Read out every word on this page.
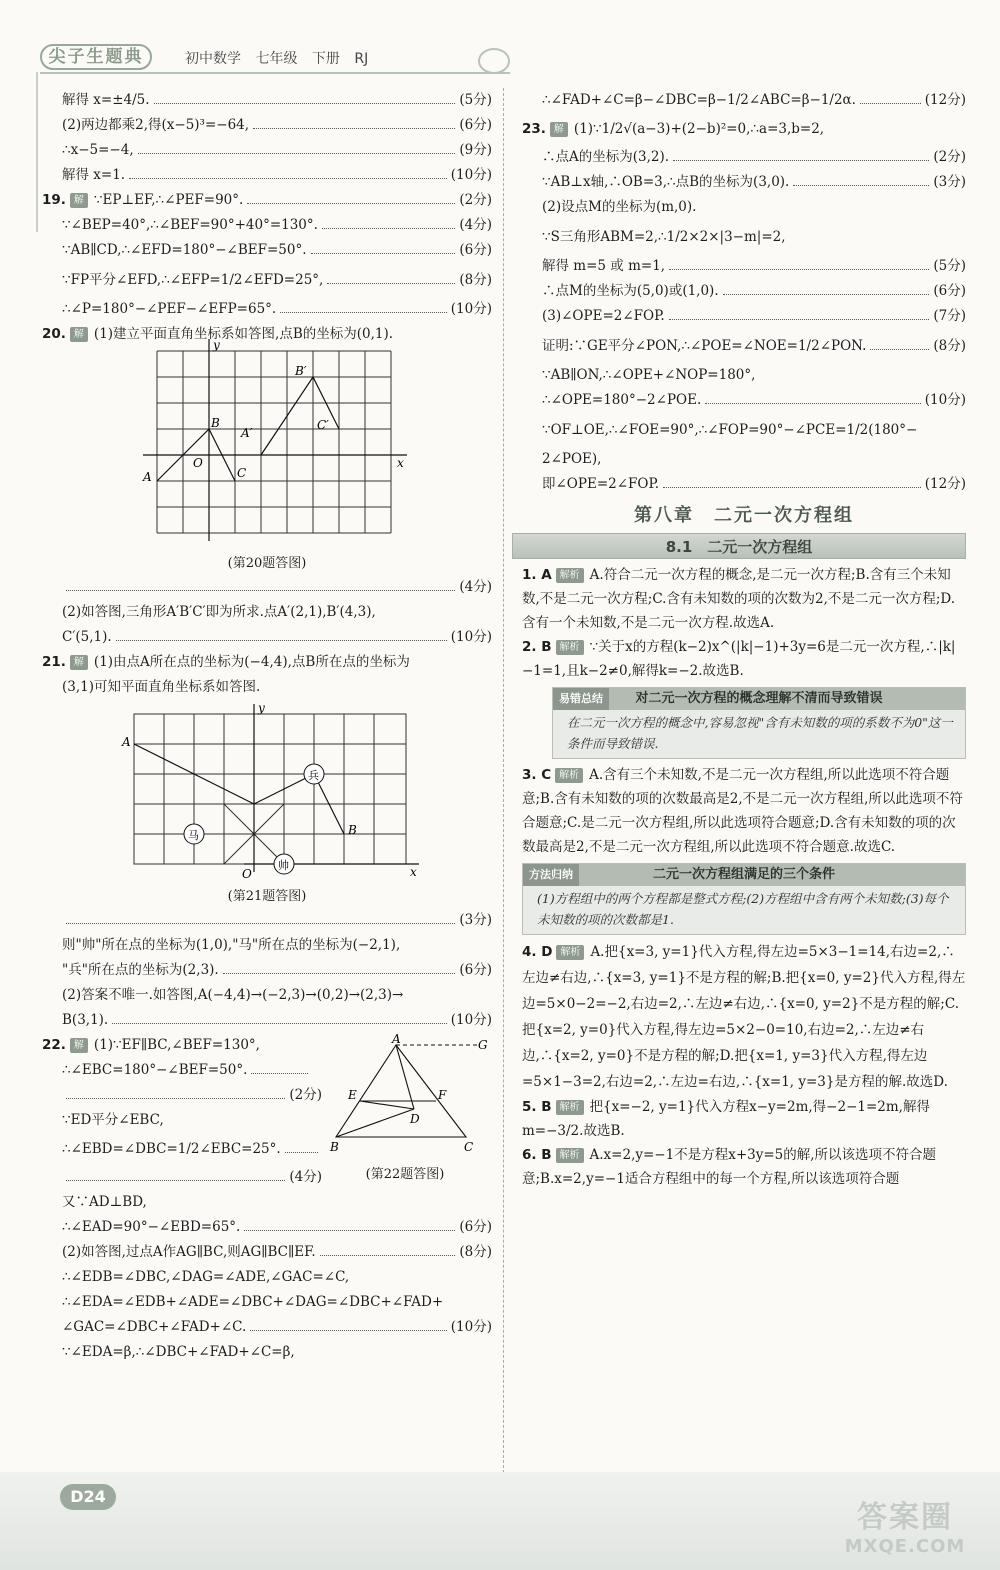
尖子生题典	初中数学 七年级 下册 RJ
解得 x=±4/5.	(5分)
(2)两边都乘2,得(x−5)³=−64,	(6分)
∴x−5=−4,	(9分)
解得 x=1.	(10分)
19. 解 ∵EP⊥EF,∴∠PEF=90°.	(2分)
∵∠BEP=40°,∴∠BEF=90°+40°=130°.	(4分)
∵AB∥CD,∴∠EFD=180°−∠BEF=50°.	(6分)
∵FP平分∠EFD,∴∠EFP=1/2∠EFD=25°,	(8分)
∴∠P=180°−∠PEF−∠EFP=65°.	(10分)
20. 解 (1)建立平面直角坐标系如答图,点B的坐标为(0,1).
A
O
B
C
A′
B′
C′
x
y
(第20题答图)
(4分)
(2)如答图,三角形A′B′C′即为所求.点A′(2,1),B′(4,3),
C′(5,1).	(10分)
21. 解 (1)由点A所在点的坐标为(−4,4),点B所在点的坐标为
(3,1)可知平面直角坐标系如答图.
兵
马
帅
A
B
O	x
y
(第21题答图)
(3分)
则"帅"所在点的坐标为(1,0),"马"所在点的坐标为(−2,1),
"兵"所在点的坐标为(2,3).	(6分)
(2)答案不唯一.如答图,A(−4,4)→(−2,3)→(0,2)→(2,3)→
B(3,1).	(10分)
A	G
E	F
D
B	C
(第22题答图)
22. 解 (1)∵EF∥BC,∠BEF=130°,
∴∠EBC=180°−∠BEF=50°.
(2分)
∵ED平分∠EBC,
∴∠EBD=∠DBC=1/2∠EBC=25°.
(4分)
又∵AD⊥BD,
∴∠EAD=90°−∠EBD=65°.	(6分)
(2)如答图,过点A作AG∥BC,则AG∥BC∥EF.	(8分)
∴∠EDB=∠DBC,∠DAG=∠ADE,∠GAC=∠C,
∴∠EDA=∠EDB+∠ADE=∠DBC+∠DAG=∠DBC+∠FAD+
∠GAC=∠DBC+∠FAD+∠C.	(10分)
∵∠EDA=β,∴∠DBC+∠FAD+∠C=β,
∴∠FAD+∠C=β−∠DBC=β−1/2∠ABC=β−1/2α.	(12分)
23. 解 (1)∵1/2√(a−3)+(2−b)²=0,∴a=3,b=2,
∴点A的坐标为(3,2).	(2分)
∵AB⊥x轴,∴OB=3,∴点B的坐标为(3,0).	(3分)
(2)设点M的坐标为(m,0).
∵S三角形ABM=2,∴1/2×2×|3−m|=2,
解得 m=5 或 m=1,	(5分)
∴点M的坐标为(5,0)或(1,0).	(6分)
(3)∠OPE=2∠FOP.	(7分)
证明:∵GE平分∠PON,∴∠POE=∠NOE=1/2∠PON.	(8分)
∵AB∥ON,∴∠OPE+∠NOP=180°,
∴∠OPE=180°−2∠POE.	(10分)
∵OF⊥OE,∴∠FOE=90°,∴∠FOP=90°−∠PCE=1/2(180°−
2∠POE),
即∠OPE=2∠FOP.	(12分)
第八章　二元一次方程组
8.1　二元一次方程组
1. A 解析 A.符合二元一次方程的概念,是二元一次方程;B.含有三个未知数,不是二元一次方程;C.含有未知数的项的次数为2,不是二元一次方程;D.含有一个未知数,不是二元一次方程.故选A.
2. B 解析 ∵关于x的方程(k−2)x^(|k|−1)+3y=6是二元一次方程,∴|k|−1=1,且k−2≠0,解得k=−2.故选B.
易错总结	对二元一次方程的概念理解不清而导致错误
在二元一次方程的概念中,容易忽视"含有未知数的项的系数不为0"这一条件而导致错误.
3. C 解析 A.含有三个未知数,不是二元一次方程组,所以此选项不符合题意;B.含有未知数的项的次数最高是2,不是二元一次方程组,所以此选项不符合题意;C.是二元一次方程组,所以此选项符合题意;D.含有未知数的项的次数最高是2,不是二元一次方程组,所以此选项不符合题意.故选C.
方法归纳	二元一次方程组满足的三个条件
(1)方程组中的两个方程都是整式方程;(2)方程组中含有两个未知数;(3)每个未知数的项的次数都是1.
4. D 解析 A.把{x=3, y=1}代入方程,得左边=5×3−1=14,右边=2,∴左边≠右边,∴{x=3, y=1}不是方程的解;B.把{x=0, y=2}代入方程,得左边=5×0−2=−2,右边=2,∴左边≠右边,∴{x=0, y=2}不是方程的解;C.把{x=2, y=0}代入方程,得左边=5×2−0=10,右边=2,∴左边≠右边,∴{x=2, y=0}不是方程的解;D.把{x=1, y=3}代入方程,得左边=5×1−3=2,右边=2,∴左边=右边,∴{x=1, y=3}是方程的解.故选D.
5. B 解析 把{x=−2, y=1}代入方程x−y=2m,得−2−1=2m,解得m=−3/2.故选B.
6. B 解析 A.x=2,y=−1不是方程x+3y=5的解,所以该选项不符合题意;B.x=2,y=−1适合方程组中的每一个方程,所以该选项符合题
D24
答案圈
MXQE.COM
